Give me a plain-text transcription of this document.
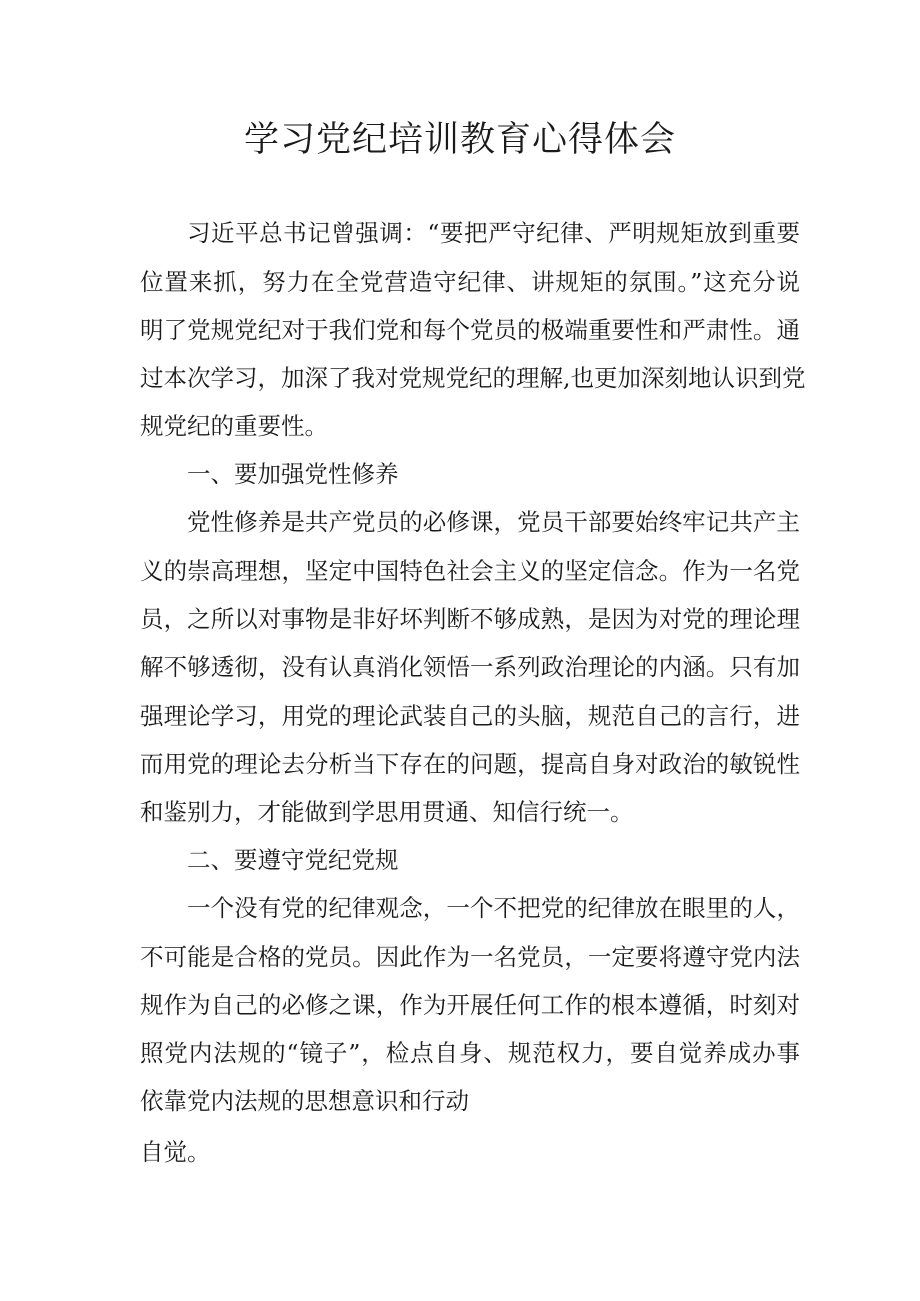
学习党纪培训教育心得体会
习近平总书记曾强调：“要把严守纪律、严明规矩放到重要
位置来抓，努力在全党营造守纪律、讲规矩的氛围。”这充分说
明了党规党纪对于我们党和每个党员的极端重要性和严肃性。通
过本次学习，加深了我对党规党纪的理解,也更加深刻地认识到党
规党纪的重要性。
一、要加强党性修养
党性修养是共产党员的必修课，党员干部要始终牢记共产主
义的崇高理想，坚定中国特色社会主义的坚定信念。作为一名党
员，之所以对事物是非好坏判断不够成熟，是因为对党的理论理
解不够透彻，没有认真消化领悟一系列政治理论的内涵。只有加
强理论学习，用党的理论武装自己的头脑，规范自己的言行，进
而用党的理论去分析当下存在的问题，提高自身对政治的敏锐性
和鉴别力，才能做到学思用贯通、知信行统一。
二、要遵守党纪党规
一个没有党的纪律观念，一个不把党的纪律放在眼里的人，
不可能是合格的党员。因此作为一名党员，一定要将遵守党内法
规作为自己的必修之课，作为开展任何工作的根本遵循，时刻对
照党内法规的“镜子”，检点自身、规范权力，要自觉养成办事
依靠党内法规的思想意识和行动
自觉。
